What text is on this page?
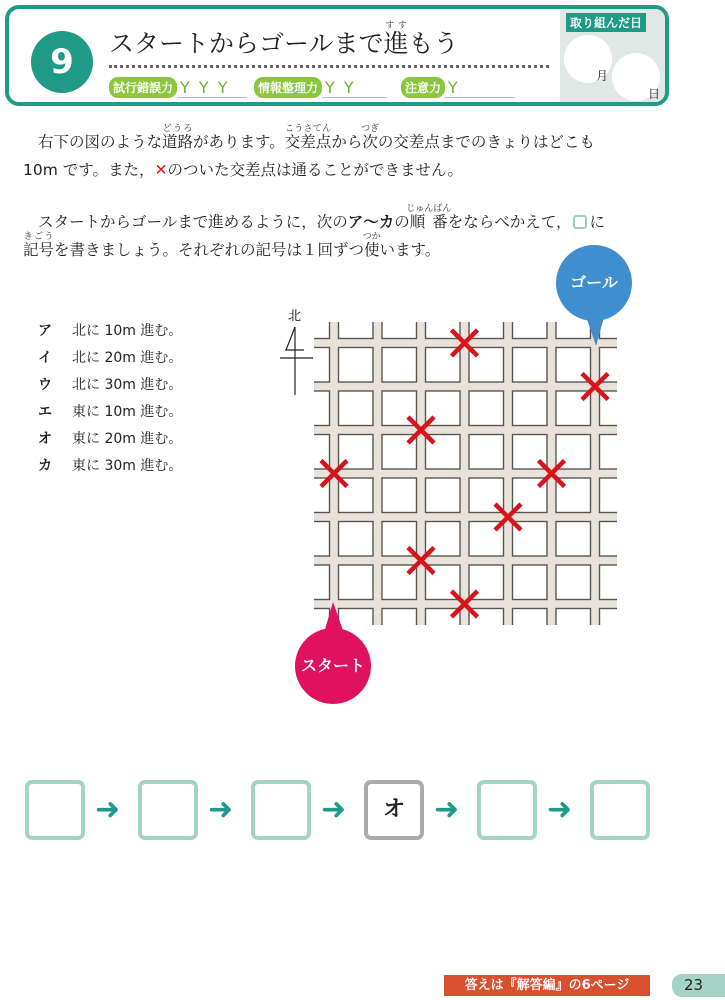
9	スタートからゴールまで進すすもう
試行錯誤力 Y Y Y	情報整理力 Y Y	注意力 Y
取り組んだ日
月
日
右下の図のような道路どうろがあります。交差点こうさてんから次つぎの交差点までのきょりはどこも
10m です。また，✕のついた交差点は通ることができません。
スタートからゴールまで進めるように，次のア～カの順番じゅんばんをならべかえて， に
記号きごうを書きましょう。それぞれの記号は１回ずつ使つかいます。
ア 北に 10m 進む。
イ 北に 20m 進む。
ウ 北に 30m 進む。
エ 東に 10m 進む。
オ 東に 20m 進む。
カ 東に 30m 進む。
北
ゴール
スタート
➜	➜	➜	オ ➜	➜
答えは『解答編』の6ページ	23
